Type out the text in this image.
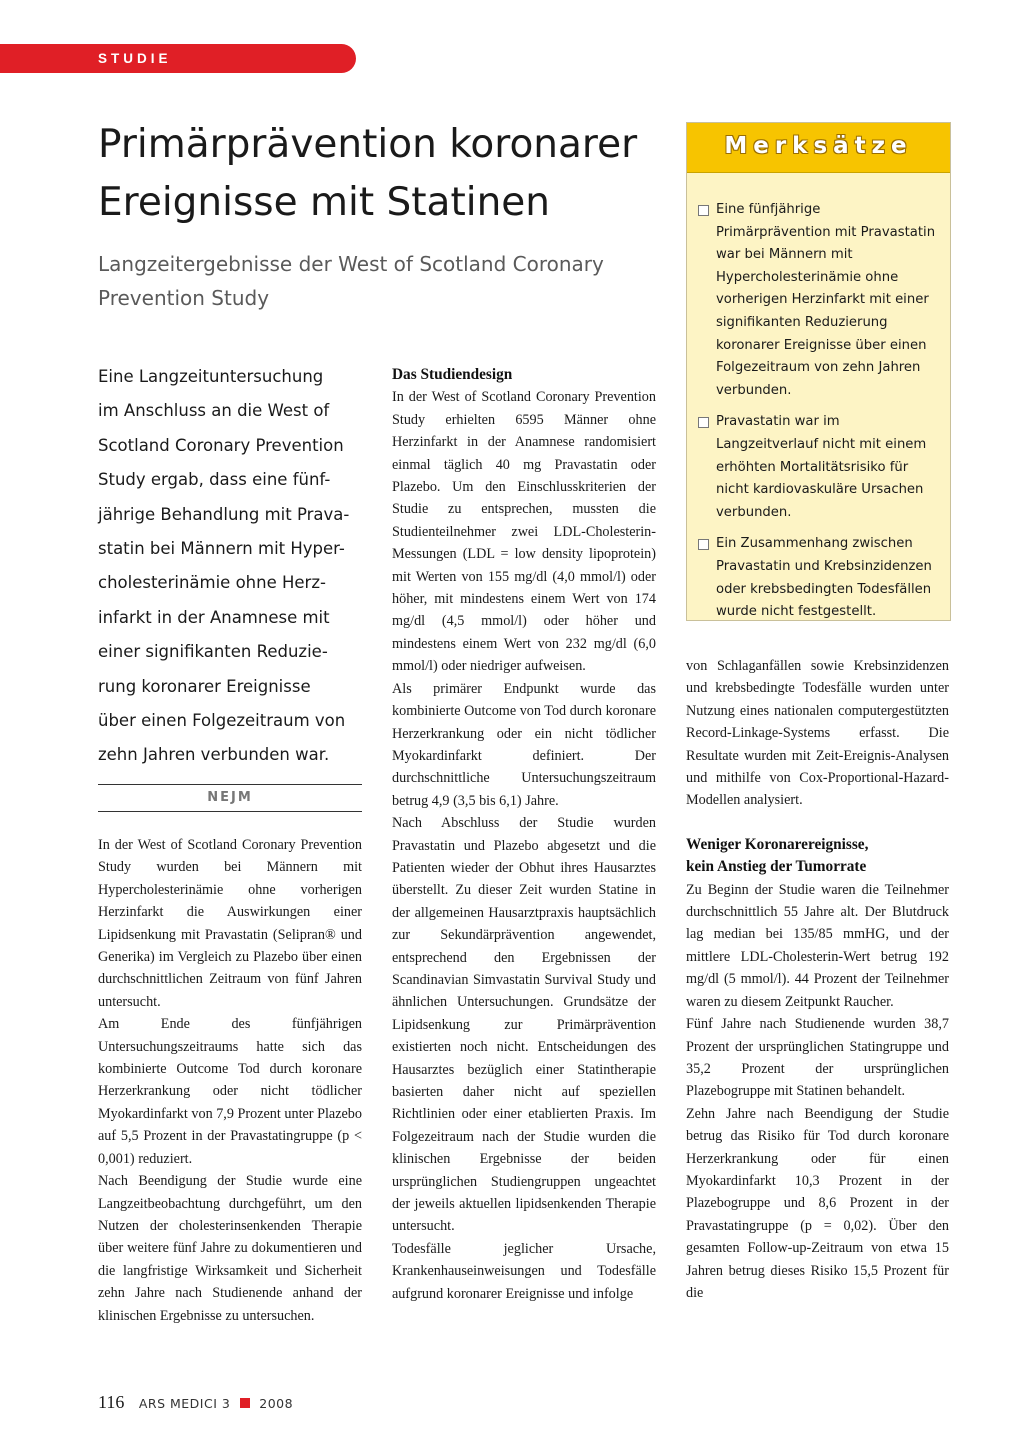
STUDIE
Primärprävention koronarer
Ereignisse mit Statinen
Langzeitergebnisse der West of Scotland Coronary
Prevention Study
Eine Langzeituntersuchung
im Anschluss an die West of
Scotland Coronary Prevention
Study ergab, dass eine fünf-
jährige Behandlung mit Prava-
statin bei Männern mit Hyper-
cholesterinämie ohne Herz-
infarkt in der Anamnese mit
einer signifikanten Reduzie-
rung koronarer Ereignisse
über einen Folgezeitraum von
zehn Jahren verbunden war.
NEJM

In der West of Scotland Coronary Prevention Study wurden bei Männern mit Hypercholesterinämie ohne vorherigen Herzinfarkt die Auswirkungen einer Lipidsenkung mit Pravastatin (Selipran® und Generika) im Vergleich zu Plazebo über einen durchschnittlichen Zeitraum von fünf Jahren untersucht.

Am Ende des fünfjährigen Untersuchungszeitraums hatte sich das kombinierte Outcome Tod durch koronare Herzerkrankung oder nicht tödlicher Myokardinfarkt von 7,9 Prozent unter Plazebo auf 5,5 Prozent in der Pravastatingruppe (p < 0,001) reduziert.

Nach Beendigung der Studie wurde eine Langzeitbeobachtung durchgeführt, um den Nutzen der cholesterinsenkenden Therapie über weitere fünf Jahre zu dokumentieren und die langfristige Wirksamkeit und Sicherheit zehn Jahre nach Studienende anhand der klinischen Ergebnisse zu untersuchen.

Das Studiendesign

In der West of Scotland Coronary Prevention Study erhielten 6595 Männer ohne Herzinfarkt in der Anamnese randomisiert einmal täglich 40 mg Pravastatin oder Plazebo. Um den Einschlusskriterien der Studie zu entsprechen, mussten die Studienteilnehmer zwei LDL-Cholesterin-Messungen (LDL = low density lipoprotein) mit Werten von 155 mg/dl (4,0 mmol/l) oder höher, mit mindestens einem Wert von 174 mg/dl (4,5 mmol/l) oder höher und mindestens einem Wert von 232 mg/dl (6,0 mmol/l) oder niedriger aufweisen.

Als primärer Endpunkt wurde das kombinierte Outcome von Tod durch koronare Herzerkrankung oder ein nicht tödlicher Myokardinfarkt definiert. Der durchschnittliche Untersuchungszeitraum betrug 4,9 (3,5 bis 6,1) Jahre.

Nach Abschluss der Studie wurden Pravastatin und Plazebo abgesetzt und die Patienten wieder der Obhut ihres Hausarztes überstellt. Zu dieser Zeit wurden Statine in der allgemeinen Hausarztpraxis hauptsächlich zur Sekundärprävention angewendet, entsprechend den Ergebnissen der Scandinavian Simvastatin Survival Study und ähnlichen Untersuchungen. Grundsätze der Lipidsenkung zur Primärprävention existierten noch nicht. Entscheidungen des Hausarztes bezüglich einer Statintherapie basierten daher nicht auf speziellen Richtlinien oder einer etablierten Praxis. Im Folgezeitraum nach der Studie wurden die klinischen Ergebnisse der beiden ursprünglichen Studiengruppen ungeachtet der jeweils aktuellen lipidsenkenden Therapie untersucht.

Todesfälle jeglicher Ursache, Krankenhauseinweisungen und Todesfälle aufgrund koronarer Ereignisse und infolge

Merksätze
Eine fünfjährige Primärprävention mit Pravastatin war bei Männern mit Hypercholesterinämie ohne vorherigen Herzinfarkt mit einer signifikanten Reduzierung koronarer Ereignisse über einen Folgezeitraum von zehn Jahren verbunden.
Pravastatin war im Langzeitverlauf nicht mit einem erhöhten Mortalitätsrisiko für nicht kardiovaskuläre Ursachen verbunden.
Ein Zusammenhang zwischen Pravastatin und Krebsinzidenzen oder krebsbedingten Todesfällen wurde nicht festgestellt.

von Schlaganfällen sowie Krebsinzidenzen und krebsbedingte Todesfälle wurden unter Nutzung eines nationalen computergestützten Record-Linkage-Systems erfasst. Die Resultate wurden mit Zeit-Ereignis-Analysen und mithilfe von Cox-Proportional-Hazard-Modellen analysiert.

Weniger Koronarereignisse,
kein Anstieg der Tumorrate

Zu Beginn der Studie waren die Teilnehmer durchschnittlich 55 Jahre alt. Der Blutdruck lag median bei 135/85 mmHG, und der mittlere LDL-Cholesterin-Wert betrug 192 mg/dl (5 mmol/l). 44 Prozent der Teilnehmer waren zu diesem Zeitpunkt Raucher.

Fünf Jahre nach Studienende wurden 38,7 Prozent der ursprünglichen Statingruppe und 35,2 Prozent der ursprünglichen Plazebogruppe mit Statinen behandelt.

Zehn Jahre nach Beendigung der Studie betrug das Risiko für Tod durch koronare Herzerkrankung oder für einen Myokardinfarkt 10,3 Prozent in der Plazebogruppe und 8,6 Prozent in der Pravastatingruppe (p = 0,02). Über den gesamten Follow-up-Zeitraum von etwa 15 Jahren betrug dieses Risiko 15,5 Prozent für die

116 ARS MEDICI 3 2008
